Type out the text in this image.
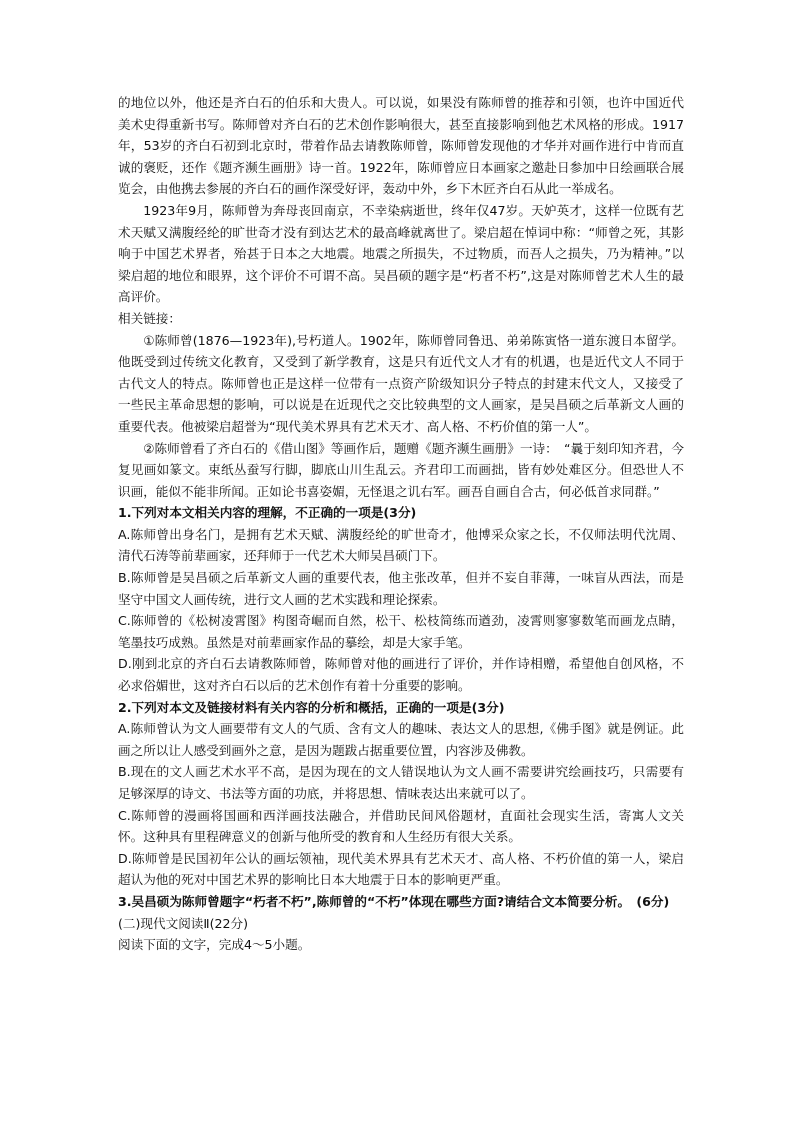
的地位以外，他还是齐白石的伯乐和大贵人。可以说，如果没有陈师曾的推荐和引领，也许中国近代美术史得重新书写。陈师曾对齐白石的艺术创作影响很大，甚至直接影响到他艺术风格的形成。1917年，53岁的齐白石初到北京时，带着作品去请教陈师曾，陈师曾发现他的才华并对画作进行中肯而直诚的褒贬，还作《题齐濒生画册》诗一首。1922年，陈师曾应日本画家之邀赴日参加中日绘画联合展览会，由他携去参展的齐白石的画作深受好评，轰动中外，乡下木匠齐白石从此一举成名。

1923年9月，陈师曾为奔母丧回南京，不幸染病逝世，终年仅47岁。天妒英才，这样一位既有艺术天赋又满腹经纶的旷世奇才没有到达艺术的最高峰就离世了。梁启超在悼词中称：“师曾之死，其影响于中国艺术界者，殆甚于日本之大地震。地震之所损失，不过物质，而吾人之损失，乃为精神。”以梁启超的地位和眼界，这个评价不可谓不高。吴昌硕的题字是“朽者不朽”,这是对陈师曾艺术人生的最高评价。

相关链接：

①陈师曾(1876—1923年),号朽道人。1902年，陈师曾同鲁迅、弟弟陈寅恪一道东渡日本留学。他既受到过传统文化教育，又受到了新学教育，这是只有近代文人才有的机遇，也是近代文人不同于古代文人的特点。陈师曾也正是这样一位带有一点资产阶级知识分子特点的封建末代文人，又接受了一些民主革命思想的影响，可以说是在近现代之交比较典型的文人画家，是吴昌硕之后革新文人画的重要代表。他被梁启超誉为“现代美术界具有艺术天才、高人格、不朽价值的第一人”。

②陈师曾看了齐白石的《借山图》等画作后，题赠《题齐濒生画册》一诗：　“曩于刻印知齐君，今复见画如篆文。束纸丛蚕写行脚，脚底山川生乱云。齐君印工而画拙，皆有妙处难区分。但恐世人不识画，能似不能非所闻。正如论书喜姿媚，无怪退之讥右军。画吾自画自合古，何必低首求同群。”

1.下列对本文相关内容的理解，不正确的一项是(3分)

A.陈师曾出身名门，是拥有艺术天赋、满腹经纶的旷世奇才，他博采众家之长，不仅师法明代沈周、清代石涛等前辈画家，还拜师于一代艺术大师吴昌硕门下。

B.陈师曾是吴昌硕之后革新文人画的重要代表，他主张改革，但并不妄自菲薄，一味盲从西法，而是坚守中国文人画传统，进行文人画的艺术实践和理论探索。

C.陈师曾的《松树凌霄图》构图奇崛而自然，松干、松枝简练而遒劲，凌霄则寥寥数笔而画龙点睛，笔墨技巧成熟。虽然是对前辈画家作品的摹绘，却是大家手笔。

D.刚到北京的齐白石去请教陈师曾，陈师曾对他的画进行了评价，并作诗相赠，希望他自创风格，不必求俗媚世，这对齐白石以后的艺术创作有着十分重要的影响。

2.下列对本文及链接材料有关内容的分析和概括，正确的一项是(3分)

A.陈师曾认为文人画要带有文人的气质、含有文人的趣味、表达文人的思想,《佛手图》就是例证。此画之所以让人感受到画外之意，是因为题跋占据重要位置，内容涉及佛教。

B.现在的文人画艺术水平不高，是因为现在的文人错误地认为文人画不需要讲究绘画技巧，只需要有足够深厚的诗文、书法等方面的功底，并将思想、情味表达出来就可以了。

C.陈师曾的漫画将国画和西洋画技法融合，并借助民间风俗题材，直面社会现实生活，寄寓人文关怀。这种具有里程碑意义的创新与他所受的教育和人生经历有很大关系。

D.陈师曾是民国初年公认的画坛领袖，现代美术界具有艺术天才、高人格、不朽价值的第一人，梁启超认为他的死对中国艺术界的影响比日本大地震于日本的影响更严重。

3.吴昌硕为陈师曾题字“朽者不朽”,陈师曾的“不朽”体现在哪些方面?请结合文本简要分析。　(6分)

(二)现代文阅读Ⅱ(22分)

阅读下面的文字，完成4～5小题。
